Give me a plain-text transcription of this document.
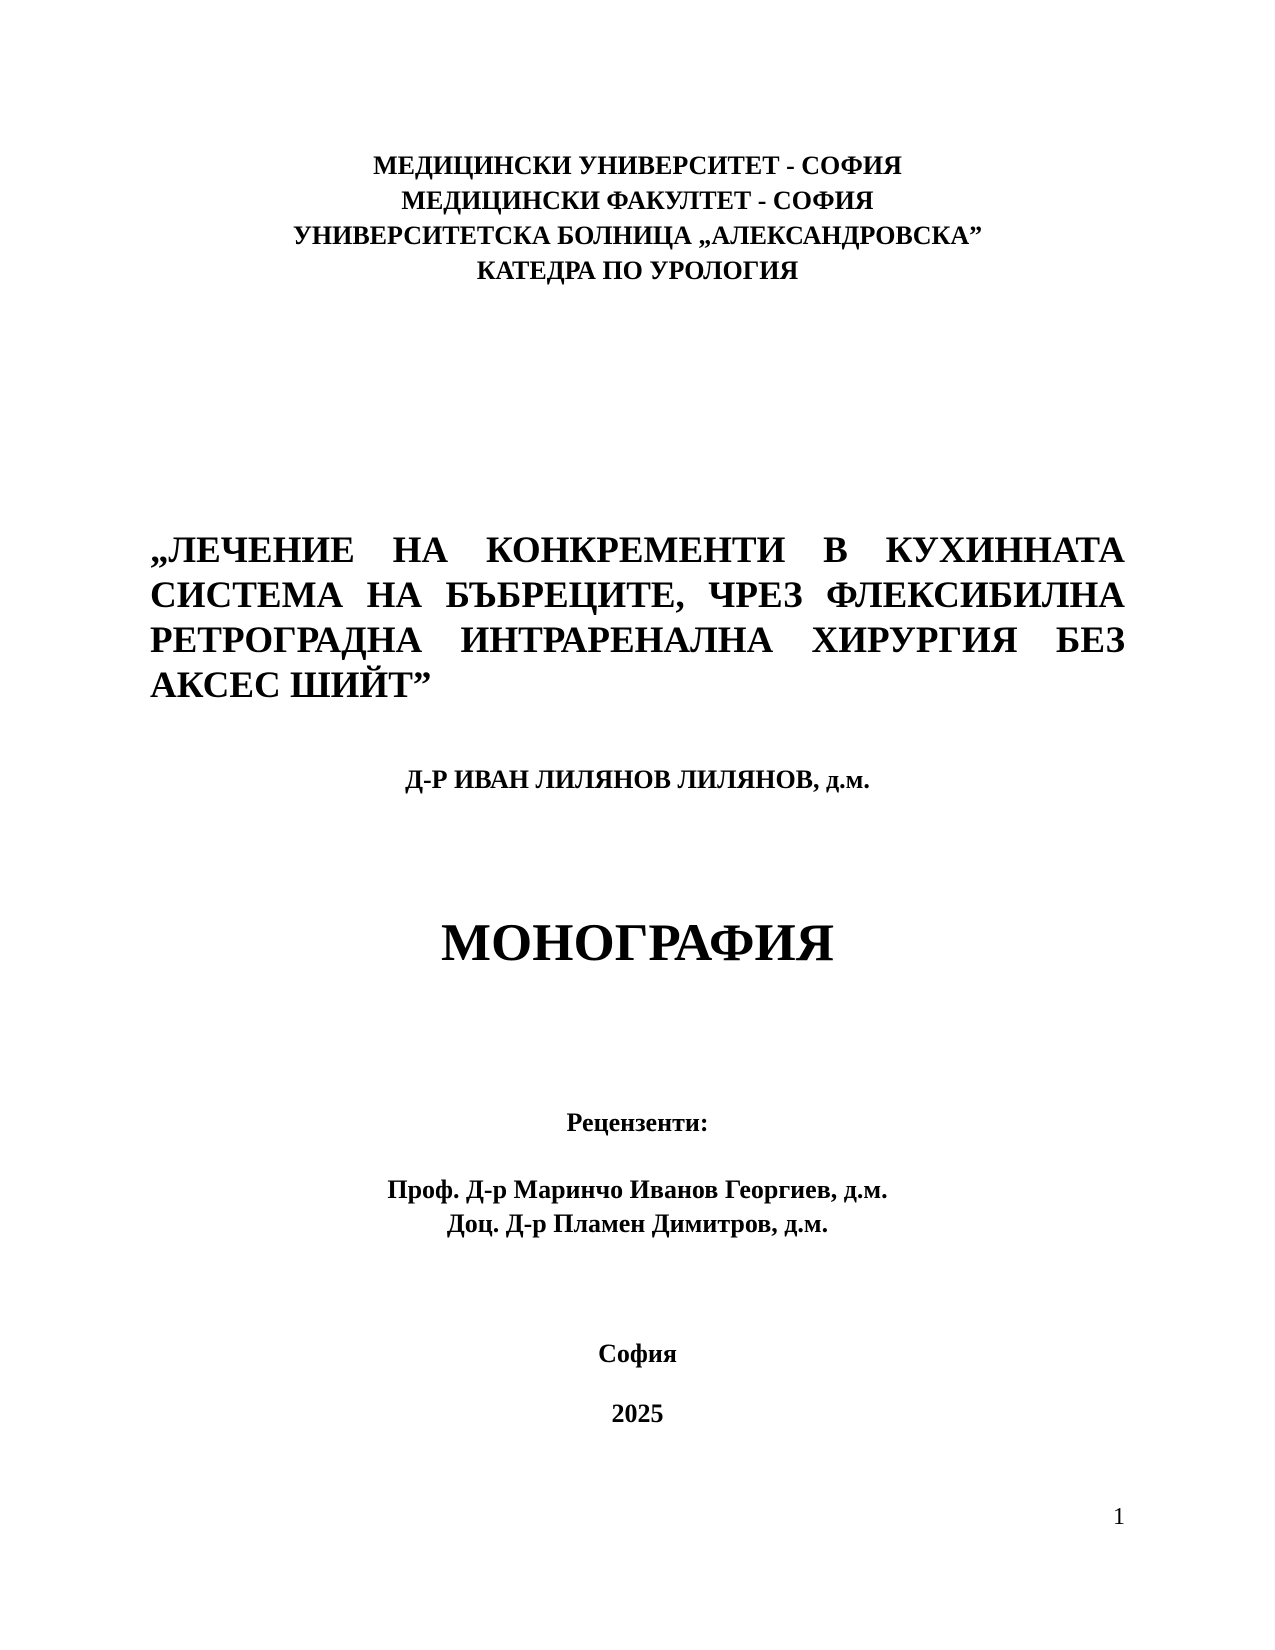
МЕДИЦИНСКИ УНИВЕРСИТЕТ - СОФИЯ
МЕДИЦИНСКИ ФАКУЛТЕТ - СОФИЯ
УНИВЕРСИТЕТСКА БОЛНИЦА „АЛЕКСАНДРОВСКА”
КАТЕДРА ПО УРОЛОГИЯ
„ЛЕЧЕНИЕ НА КОНКРЕМЕНТИ В КУХИННАТА СИСТЕМА НА БЪБРЕЦИТЕ, ЧРЕЗ ФЛЕКСИБИЛНА РЕТРОГРАДНА ИНТРАРЕНАЛНА ХИРУРГИЯ БЕЗ АКСЕС ШИЙТ”
Д-Р ИВАН ЛИЛЯНОВ ЛИЛЯНОВ, д.м.
МОНОГРАФИЯ
Рецензенти:
Проф. Д-р Маринчо Иванов Георгиев, д.м.
Доц. Д-р Пламен Димитров, д.м.
София
2025
1
